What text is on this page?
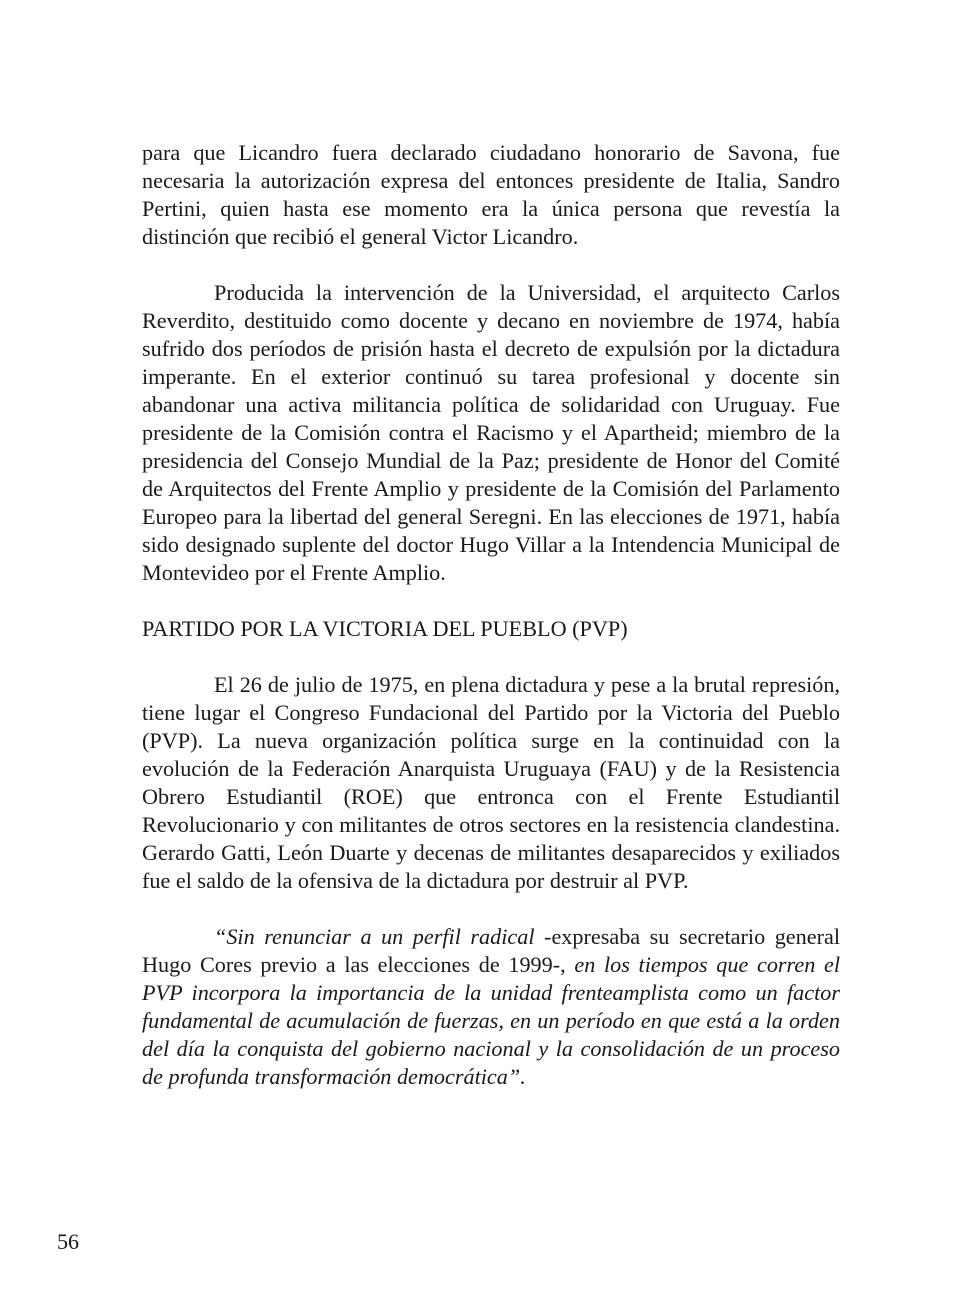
para que Licandro fuera declarado ciudadano honorario de Savona, fue necesaria la autorización expresa del entonces presidente de Italia, Sandro Pertini, quien hasta ese momento era la única persona que revestía la distinción que recibió el general Victor Licandro.

Producida la intervención de la Universidad, el arquitecto Carlos Reverdito, destituido como docente y decano en noviembre de 1974, había sufrido dos períodos de prisión hasta el decreto de expulsión por la dictadura imperante. En el exterior continuó su tarea profesional y docente sin abandonar una activa militancia política de solidaridad con Uruguay. Fue presidente de la Comisión contra el Racismo y el Apartheid; miembro de la presidencia del Consejo Mundial de la Paz; presidente de Honor del Comité de Arquitectos del Frente Amplio y presidente de la Comisión del Parlamento Europeo para la libertad del general Seregni. En las elecciones de 1971, había sido designado suplente del doctor Hugo Villar a la Intendencia Municipal de Montevideo por el Frente Amplio.

PARTIDO POR LA VICTORIA DEL PUEBLO (PVP)

El 26 de julio de 1975, en plena dictadura y pese a la brutal represión, tiene lugar el Congreso Fundacional del Partido por la Victoria del Pueblo (PVP). La nueva organización política surge en la continuidad con la evolución de la Federación Anarquista Uruguaya (FAU) y de la Resistencia Obrero Estudiantil (ROE) que entronca con el Frente Estudiantil Revolucionario y con militantes de otros sectores en la resistencia clandestina. Gerardo Gatti, León Duarte y decenas de militantes desaparecidos y exiliados fue el saldo de la ofensiva de la dictadura por destruir al PVP.

“Sin renunciar a un perfil radical -expresaba su secretario general Hugo Cores previo a las elecciones de 1999-, en los tiempos que corren el PVP incorpora la importancia de la unidad frenteamplista como un factor fundamental de acumulación de fuerzas, en un período en que está a la orden del día la conquista del gobierno nacional y la consolidación de un proceso de profunda transformación democrática”.

56
